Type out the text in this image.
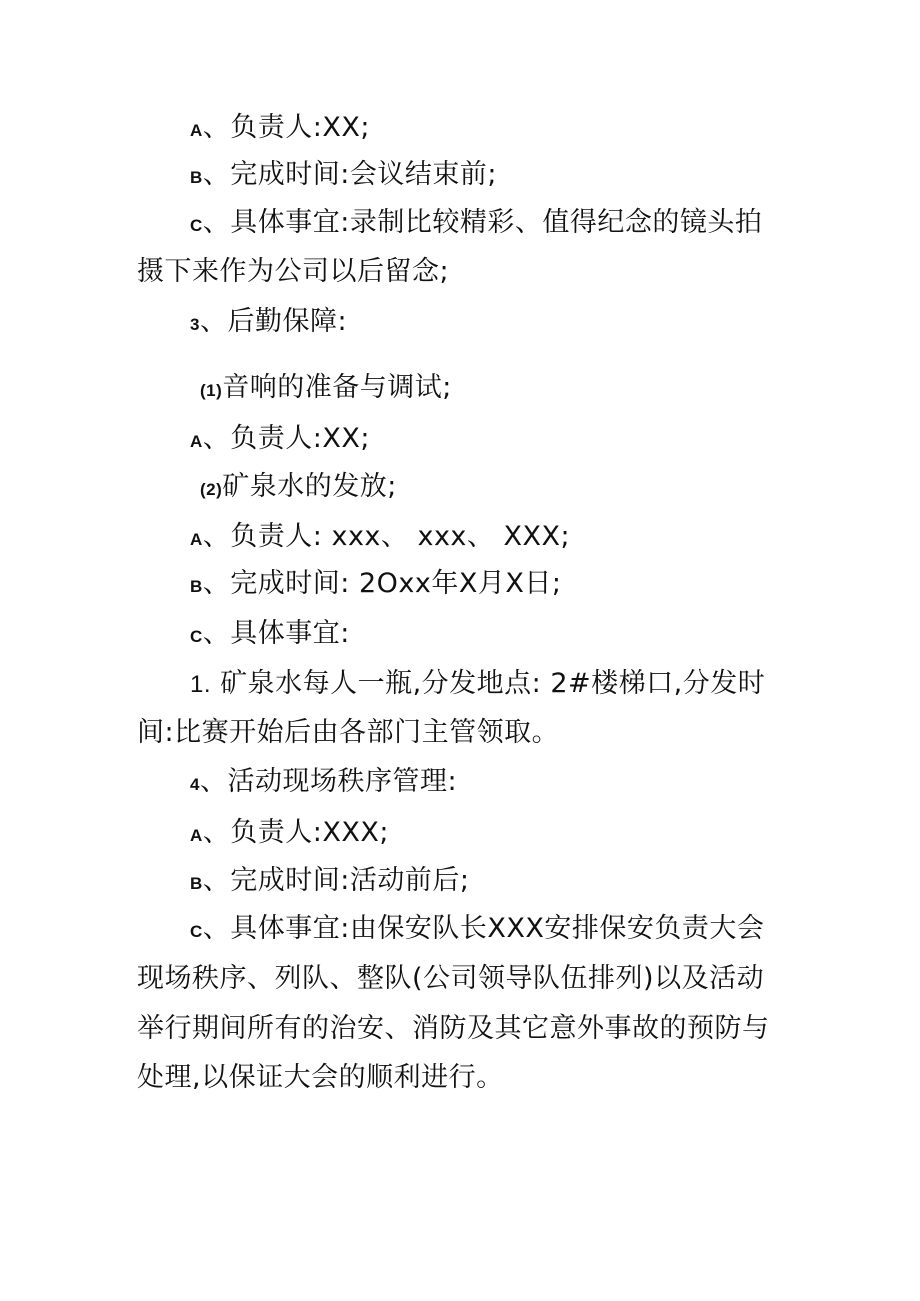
A、负责人:XX;
B、完成时间:会议结束前;
C、具体事宜:录制比较精彩、值得纪念的镜头拍
摄下来作为公司以后留念;
3、后勤保障:
(1)音响的准备与调试;
A、负责人:XX;
(2)矿泉水的发放;
A、负责人: xxx、 xxx、 XXX;
B、完成时间: 2Oxx年X月X日;
C、具体事宜:
1. 矿泉水每人一瓶,分发地点: 2#楼梯口,分发时
间:比赛开始后由各部门主管领取。
4、活动现场秩序管理:
A、负责人:XXX;
B、完成时间:活动前后;
C、具体事宜:由保安队长XXX安排保安负责大会
现场秩序、列队、整队(公司领导队伍排列)以及活动
举行期间所有的治安、消防及其它意外事故的预防与
处理,以保证大会的顺利进行。
